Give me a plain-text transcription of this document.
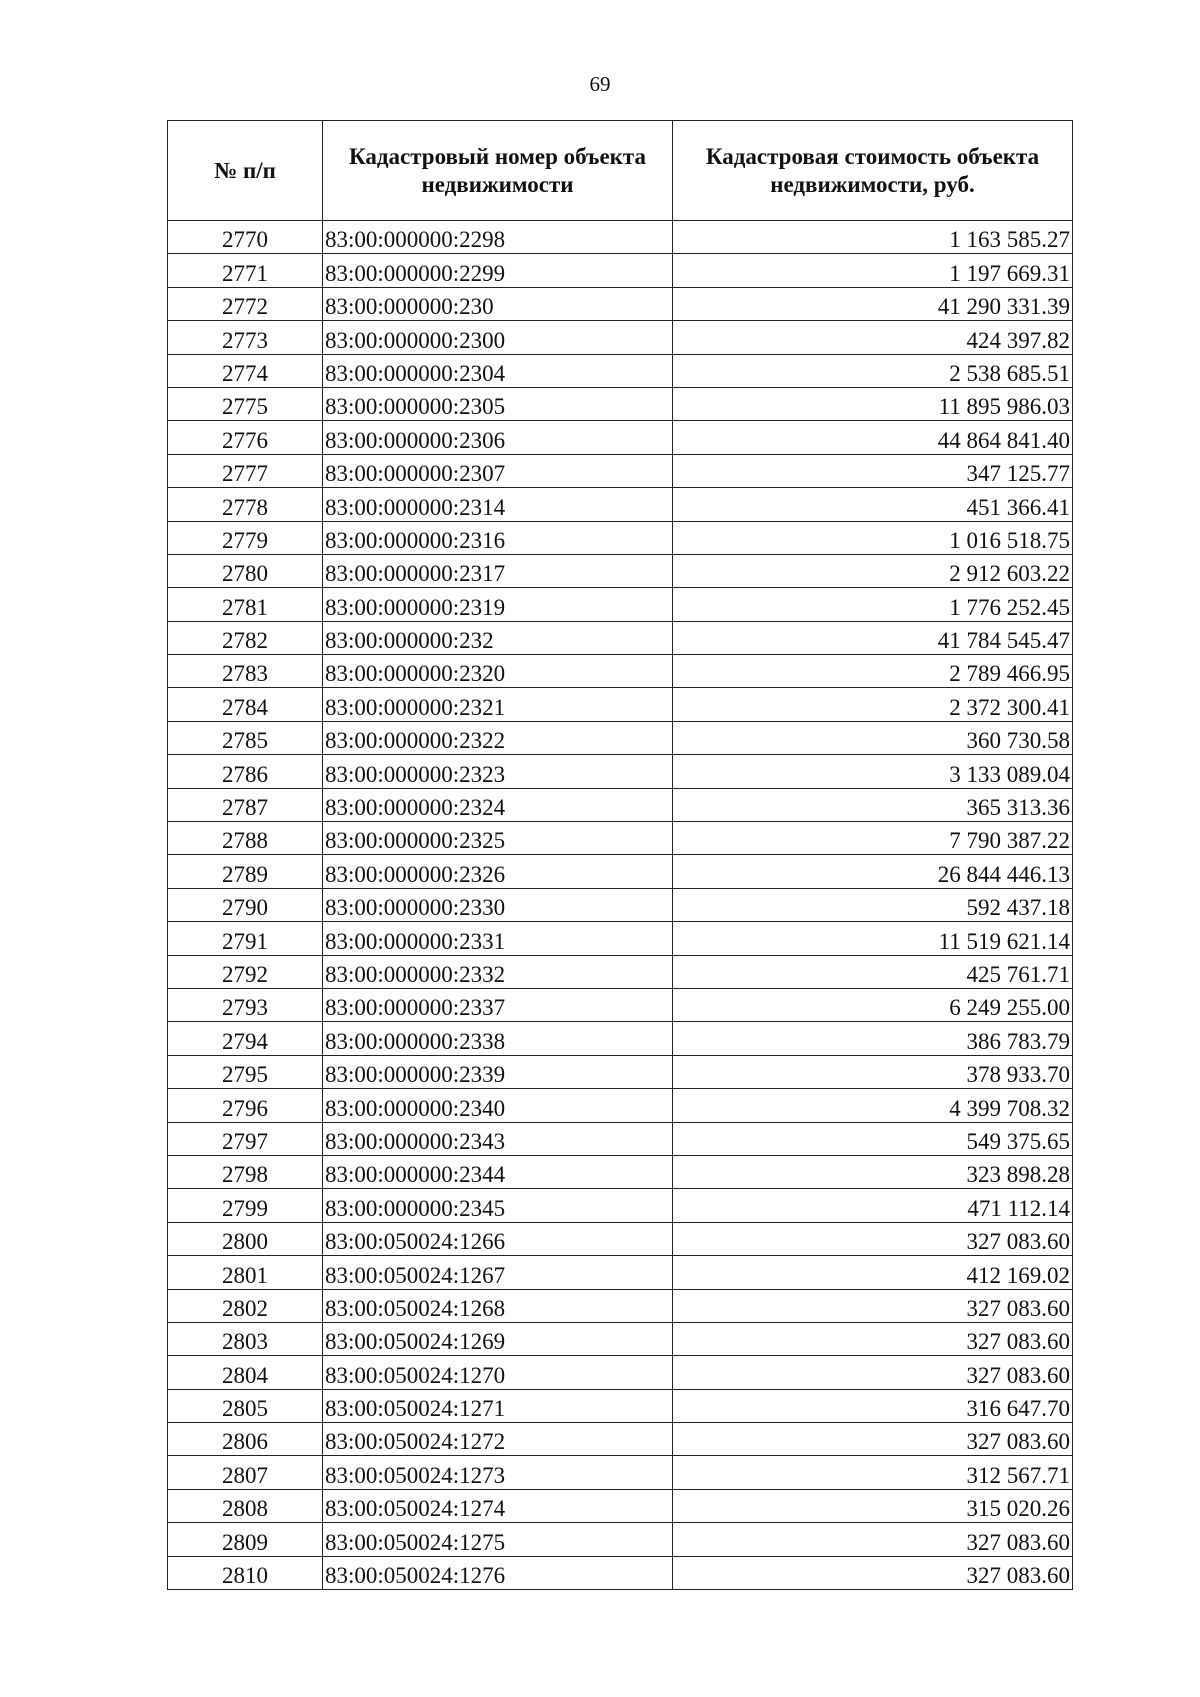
69
№ п/п	Кадастровый номер объекта недвижимости	Кадастровая стоимость объекта недвижимости, руб.
2770	83:00:000000:2298	1 163 585.27
2771	83:00:000000:2299	1 197 669.31
2772	83:00:000000:230	41 290 331.39
2773	83:00:000000:2300	424 397.82
2774	83:00:000000:2304	2 538 685.51
2775	83:00:000000:2305	11 895 986.03
2776	83:00:000000:2306	44 864 841.40
2777	83:00:000000:2307	347 125.77
2778	83:00:000000:2314	451 366.41
2779	83:00:000000:2316	1 016 518.75
2780	83:00:000000:2317	2 912 603.22
2781	83:00:000000:2319	1 776 252.45
2782	83:00:000000:232	41 784 545.47
2783	83:00:000000:2320	2 789 466.95
2784	83:00:000000:2321	2 372 300.41
2785	83:00:000000:2322	360 730.58
2786	83:00:000000:2323	3 133 089.04
2787	83:00:000000:2324	365 313.36
2788	83:00:000000:2325	7 790 387.22
2789	83:00:000000:2326	26 844 446.13
2790	83:00:000000:2330	592 437.18
2791	83:00:000000:2331	11 519 621.14
2792	83:00:000000:2332	425 761.71
2793	83:00:000000:2337	6 249 255.00
2794	83:00:000000:2338	386 783.79
2795	83:00:000000:2339	378 933.70
2796	83:00:000000:2340	4 399 708.32
2797	83:00:000000:2343	549 375.65
2798	83:00:000000:2344	323 898.28
2799	83:00:000000:2345	471 112.14
2800	83:00:050024:1266	327 083.60
2801	83:00:050024:1267	412 169.02
2802	83:00:050024:1268	327 083.60
2803	83:00:050024:1269	327 083.60
2804	83:00:050024:1270	327 083.60
2805	83:00:050024:1271	316 647.70
2806	83:00:050024:1272	327 083.60
2807	83:00:050024:1273	312 567.71
2808	83:00:050024:1274	315 020.26
2809	83:00:050024:1275	327 083.60
2810	83:00:050024:1276	327 083.60
